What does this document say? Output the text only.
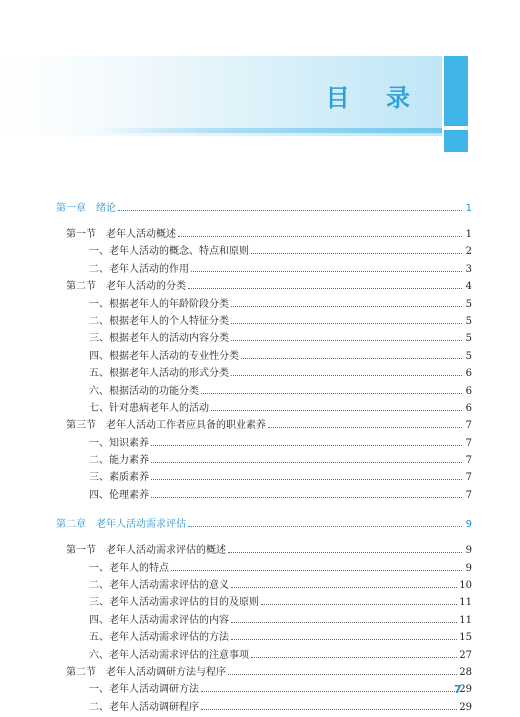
目 录
第一章　绪论	1
第一节　老年人活动概述	1
一、老年人活动的概念、特点和原则	2
二、老年人活动的作用	3
第二节　老年人活动的分类	4
一、根据老年人的年龄阶段分类	5
二、根据老年人的个人特征分类	5
三、根据老年人的活动内容分类	5
四、根据老年人活动的专业性分类	5
五、根据老年人活动的形式分类	6
六、根据活动的功能分类	6
七、针对患病老年人的活动	6
第三节　老年人活动工作者应具备的职业素养	7
一、知识素养	7
二、能力素养	7
三、素质素养	7
四、伦理素养	7
第二章　老年人活动需求评估	9
第一节　老年人活动需求评估的概述	9
一、老年人的特点	9
二、老年人活动需求评估的意义	10
三、老年人活动需求评估的目的及原则	11
四、老年人活动需求评估的内容	11
五、老年人活动需求评估的方法	15
六、老年人活动需求评估的注意事项	27
第二节　老年人活动调研方法与程序	28
一、老年人活动调研方法	29
二、老年人活动调研程序	29
7
